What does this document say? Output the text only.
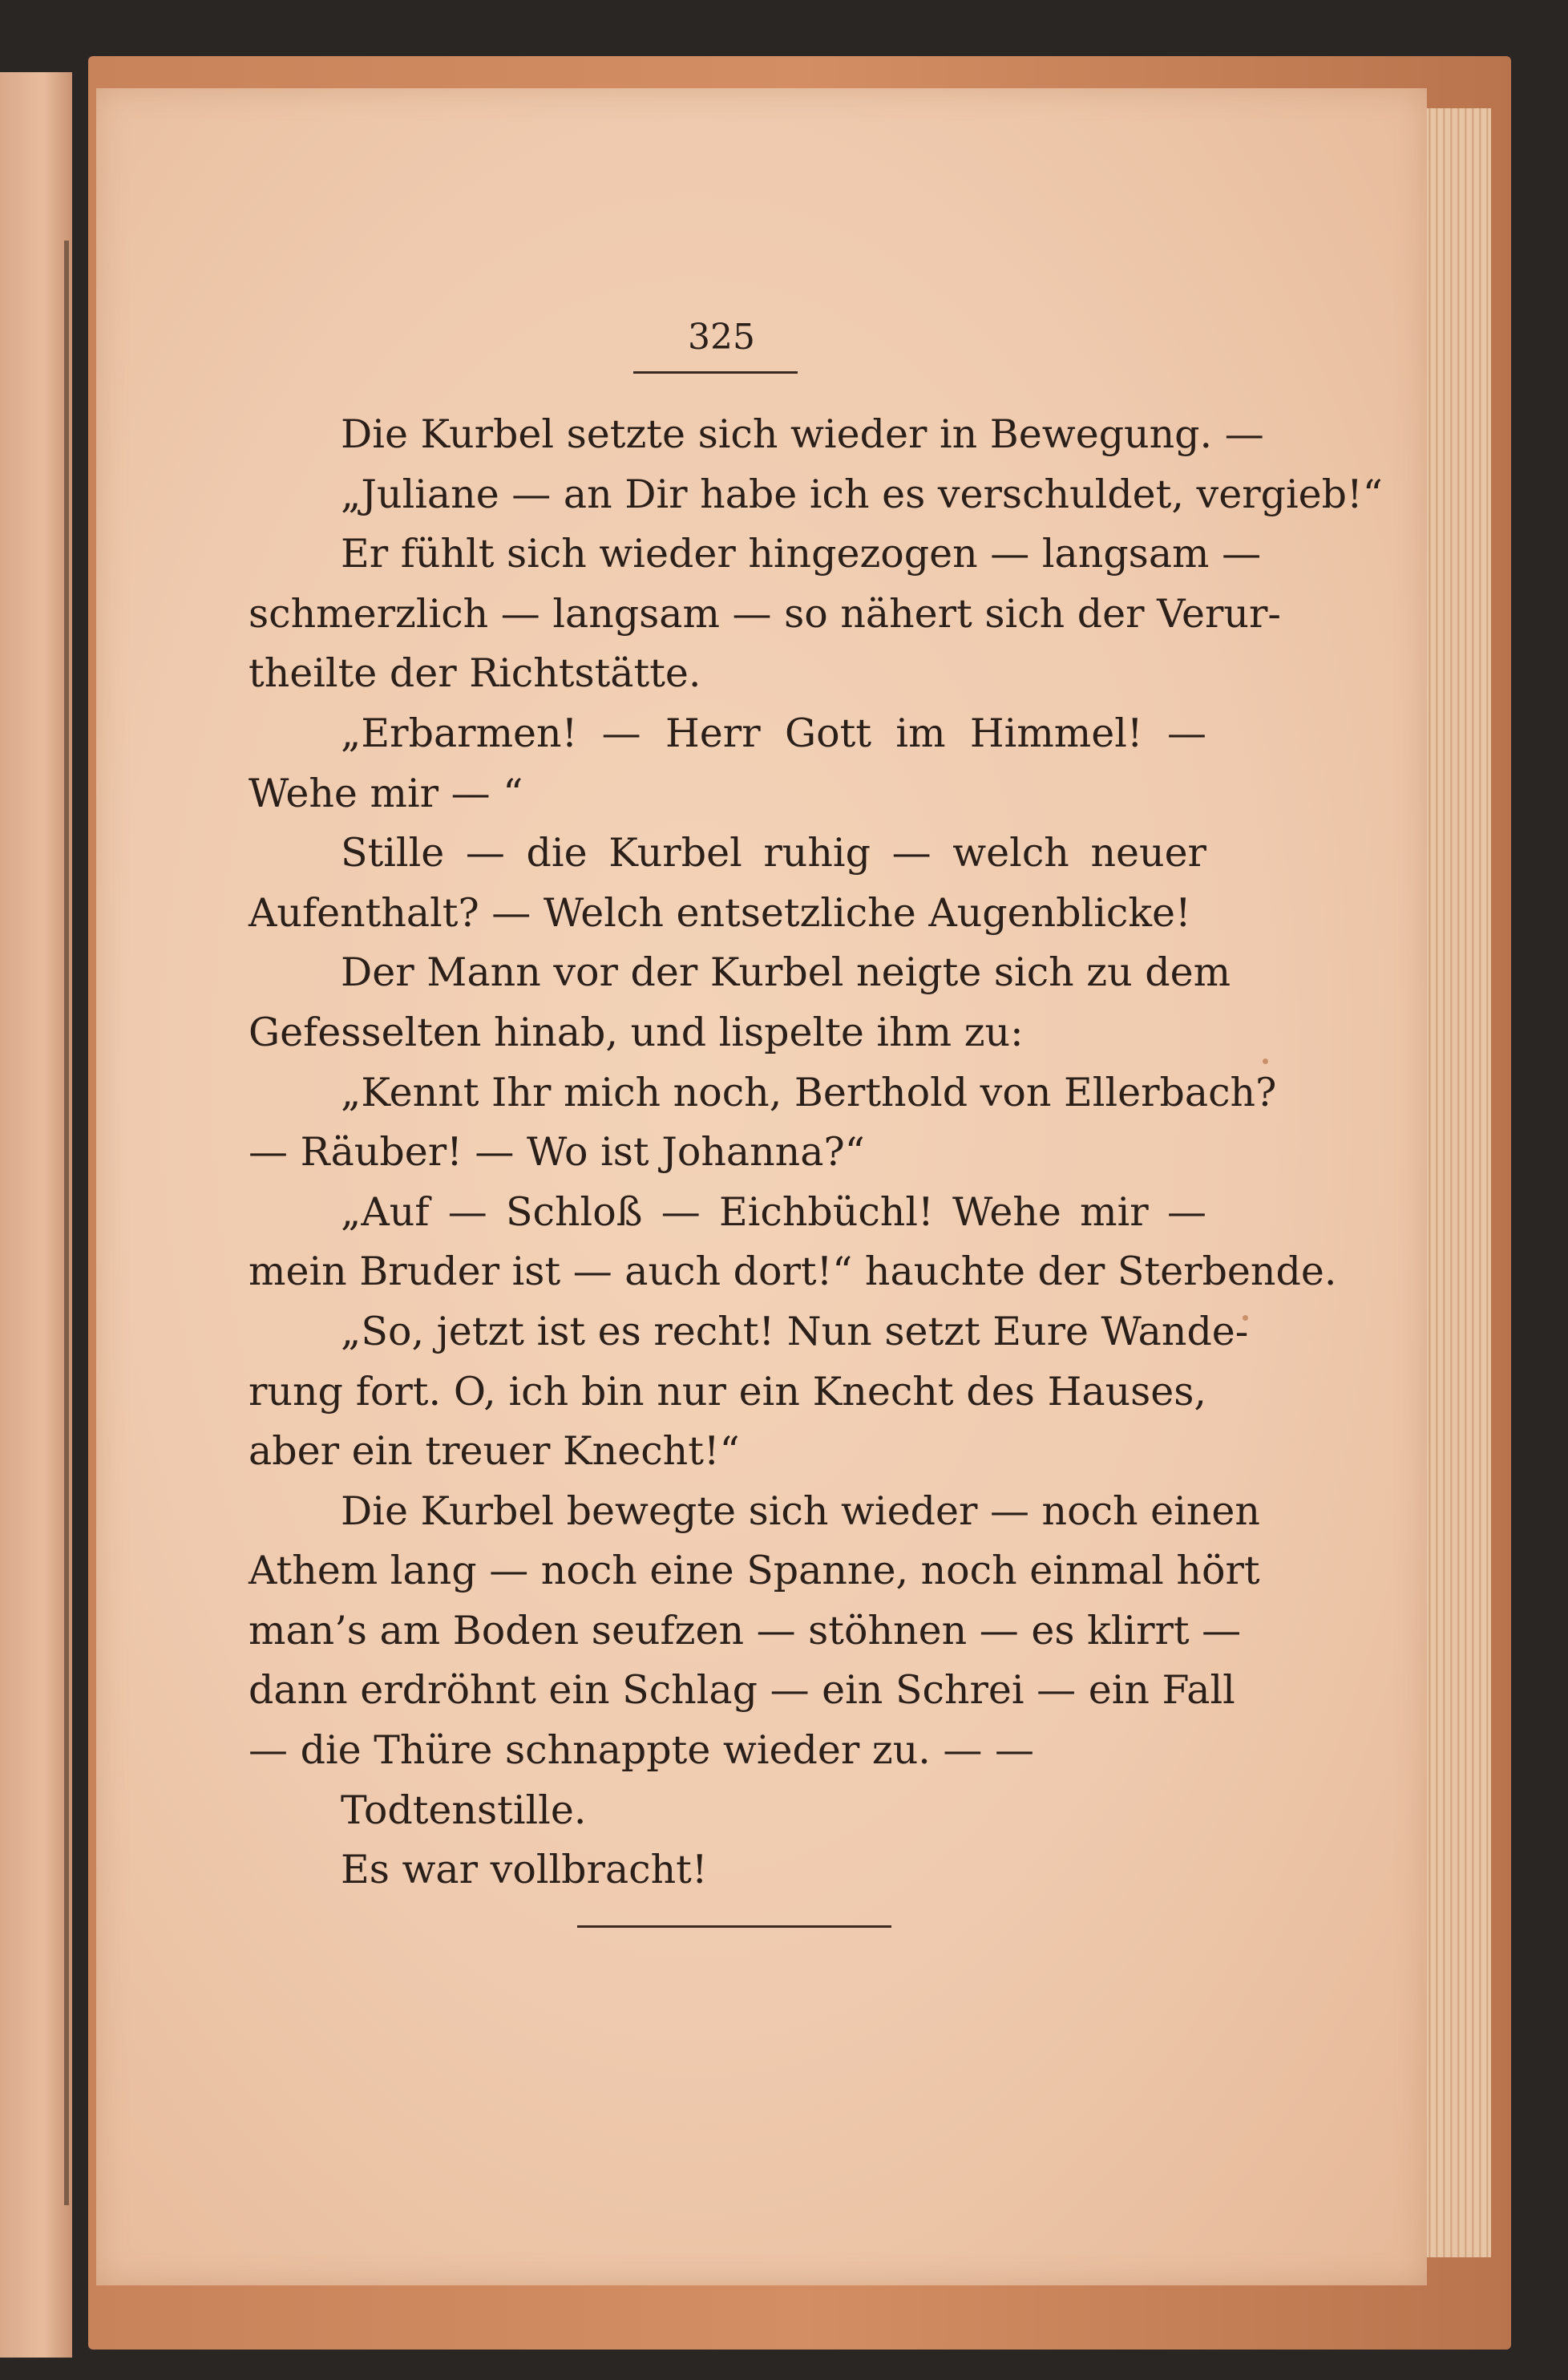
325
Die Kurbel setzte sich wieder in Bewegung. —
„Juliane — an Dir habe ich es verschuldet, vergieb!“
Er fühlt sich wieder hingezogen — langsam —
schmerzlich — langsam — so nähert sich der Verur-
theilte der Richtstätte.
„Erbarmen! — Herr Gott im Himmel! —
Wehe mir — “
Stille — die Kurbel ruhig — welch neuer
Aufenthalt? — Welch entsetzliche Augenblicke!
Der Mann vor der Kurbel neigte sich zu dem
Gefesselten hinab, und lispelte ihm zu:
„Kennt Ihr mich noch, Berthold von Ellerbach?
— Räuber! — Wo ist Johanna?“
„Auf — Schloß — Eichbüchl! Wehe mir —
mein Bruder ist — auch dort!“ hauchte der Sterbende.
„So, jetzt ist es recht! Nun setzt Eure Wande-
rung fort. O, ich bin nur ein Knecht des Hauses,
aber ein treuer Knecht!“
Die Kurbel bewegte sich wieder — noch einen
Athem lang — noch eine Spanne, noch einmal hört
man’s am Boden seufzen — stöhnen — es klirrt —
dann erdröhnt ein Schlag — ein Schrei — ein Fall
— die Thüre schnappte wieder zu. — —
Todtenstille.
Es war vollbracht!
